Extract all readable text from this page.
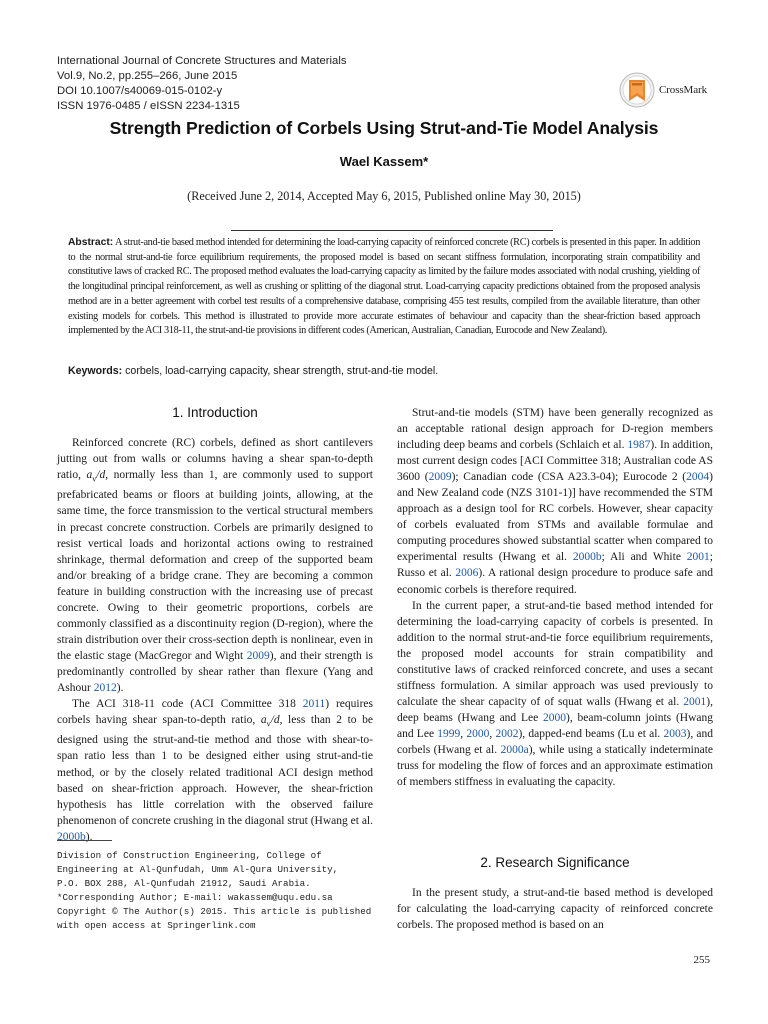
International Journal of Concrete Structures and Materials
Vol.9, No.2, pp.255–266, June 2015
DOI 10.1007/s40069-015-0102-y
ISSN 1976-0485 / eISSN 2234-1315
CrossMark
Strength Prediction of Corbels Using Strut-and-Tie Model Analysis
Wael Kassem*
(Received June 2, 2014, Accepted May 6, 2015, Published online May 30, 2015)
Abstract: A strut-and-tie based method intended for determining the load-carrying capacity of reinforced concrete (RC) corbels is presented in this paper. In addition to the normal strut-and-tie force equilibrium requirements, the proposed model is based on secant stiffness formulation, incorporating strain compatibility and constitutive laws of cracked RC. The proposed method evaluates the load-carrying capacity as limited by the failure modes associated with nodal crushing, yielding of the longitudinal principal reinforcement, as well as crushing or splitting of the diagonal strut. Load-carrying capacity predictions obtained from the proposed analysis method are in a better agreement with corbel test results of a comprehensive database, comprising 455 test results, compiled from the available literature, than other existing models for corbels. This method is illustrated to provide more accurate estimates of behaviour and capacity than the shear-friction based approach implemented by the ACI 318-11, the strut-and-tie provisions in different codes (American, Australian, Canadian, Eurocode and New Zealand).
Keywords: corbels, load-carrying capacity, shear strength, strut-and-tie model.
1. Introduction

Reinforced concrete (RC) corbels, defined as short cantilevers jutting out from walls or columns having a shear span-to-depth ratio, $a_v/d$, normally less than 1, are commonly used to support prefabricated beams or floors at building joints, allowing, at the same time, the force transmission to the vertical structural members in precast concrete construction. Corbels are primarily designed to resist vertical loads and horizontal actions owing to restrained shrinkage, thermal deformation and creep of the supported beam and/or breaking of a bridge crane. They are becoming a common feature in building construction with the increasing use of precast concrete. Owing to their geometric proportions, corbels are commonly classified as a discontinuity region (D-region), where the strain distribution over their cross-section depth is nonlinear, even in the elastic stage (MacGregor and Wight 2009), and their strength is predominantly controlled by shear rather than flexure (Yang and Ashour 2012).

The ACI 318-11 code (ACI Committee 318 2011) requires corbels having shear span-to-depth ratio, $a_v/d$, less than 2 to be designed using the strut-and-tie method and those with shear-to-span ratio less than 1 to be designed either using strut-and-tie method, or by the closely related traditional ACI design method based on shear-friction approach. However, the shear-friction hypothesis has little correlation with the observed failure phenomenon of concrete crushing in the diagonal strut (Hwang et al. 2000b).

Strut-and-tie models (STM) have been generally recognized as an acceptable rational design approach for D-region members including deep beams and corbels (Schlaich et al. 1987). In addition, most current design codes [ACI Committee 318; Australian code AS 3600 (2009); Canadian code (CSA A23.3-04); Eurocode 2 (2004) and New Zealand code (NZS 3101-1)] have recommended the STM approach as a design tool for RC corbels. However, shear capacity of corbels evaluated from STMs and available formulae and computing procedures showed substantial scatter when compared to experimental results (Hwang et al. 2000b; Ali and White 2001; Russo et al. 2006). A rational design procedure to produce safe and economic corbels is therefore required.

In the current paper, a strut-and-tie based method intended for determining the load-carrying capacity of corbels is presented. In addition to the normal strut-and-tie force equilibrium requirements, the proposed model accounts for strain compatibility and constitutive laws of cracked reinforced concrete, and uses a secant stiffness formulation. A similar approach was used previously to calculate the shear capacity of of squat walls (Hwang et al. 2001), deep beams (Hwang and Lee 2000), beam-column joints (Hwang and Lee 1999, 2000, 2002), dapped-end beams (Lu et al. 2003), and corbels (Hwang et al. 2000a), while using a statically indeterminate truss for modeling the flow of forces and an approximate estimation of members stiffness in evaluating the capacity.

2. Research Significance

In the present study, a strut-and-tie based method is developed for calculating the load-carrying capacity of reinforced concrete corbels. The proposed method is based on an

Division of Construction Engineering, College of
Engineering at Al-Qunfudah, Umm Al-Qura University,
P.O. BOX 288, Al-Qunfudah 21912, Saudi Arabia.
*Corresponding Author; E-mail: wakassem@uqu.edu.sa
Copyright © The Author(s) 2015. This article is published
with open access at Springerlink.com
255
